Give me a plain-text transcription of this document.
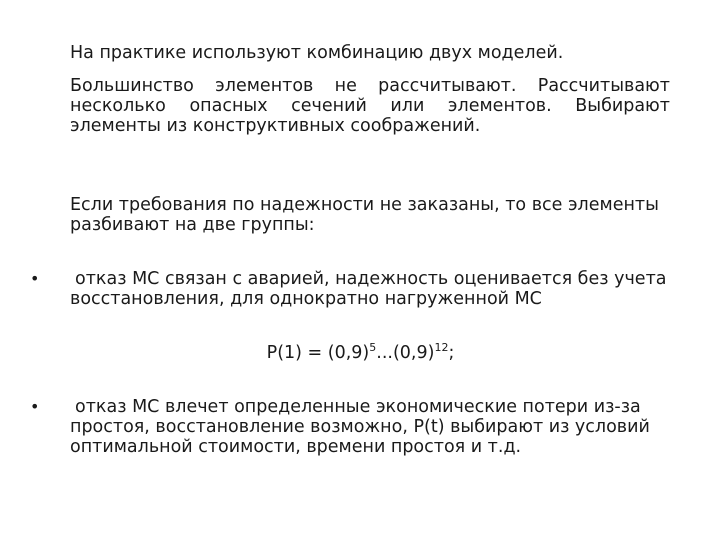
На практике используют комбинацию двух моделей.
Большинство элементов не рассчитывают. Рассчитывают
несколько опасных сечений или элементов. Выбирают
элементы из конструктивных соображений.
Если требования по надежности не заказаны, то все элементы
разбивают на две группы:
• отказ МС связан с аварией, надежность оценивается без учета
восстановления, для однократно нагруженной МС
$P(1) = (0,9)^5...(0,9)^{12}$;
• отказ МС влечет определенные экономические потери из-за
простоя, восстановление возможно, P(t) выбирают из условий
оптимальной стоимости, времени простоя и т.д.
